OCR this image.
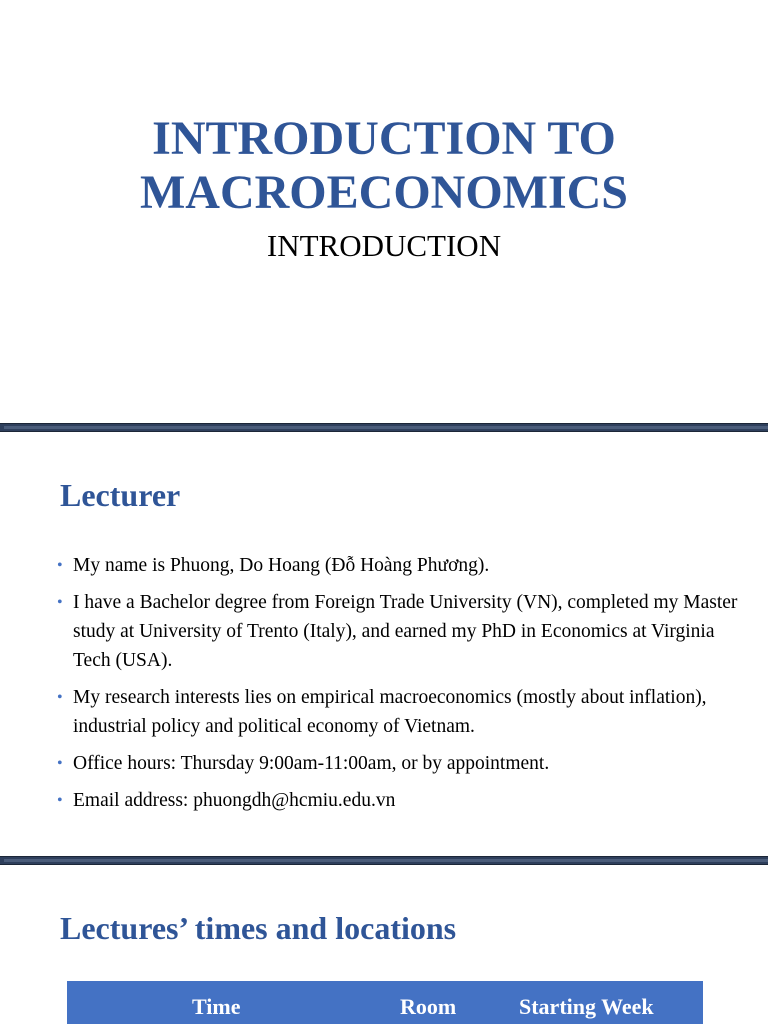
INTRODUCTION TO
MACROECONOMICS
INTRODUCTION
Lecturer
• My name is Phuong, Do Hoang (Đỗ Hoàng Phương).
• I have a Bachelor degree from Foreign Trade University (VN), completed my Master study at University of Trento (Italy), and earned my PhD in Economics at Virginia Tech (USA).
• My research interests lies on empirical macroeconomics (mostly about inflation), industrial policy and political economy of Vietnam.
• Office hours: Thursday 9:00am-11:00am, or by appointment.
• Email address: phuongdh@hcmiu.edu.vn
Lectures’ times and locations
Time	Room	Starting Week
